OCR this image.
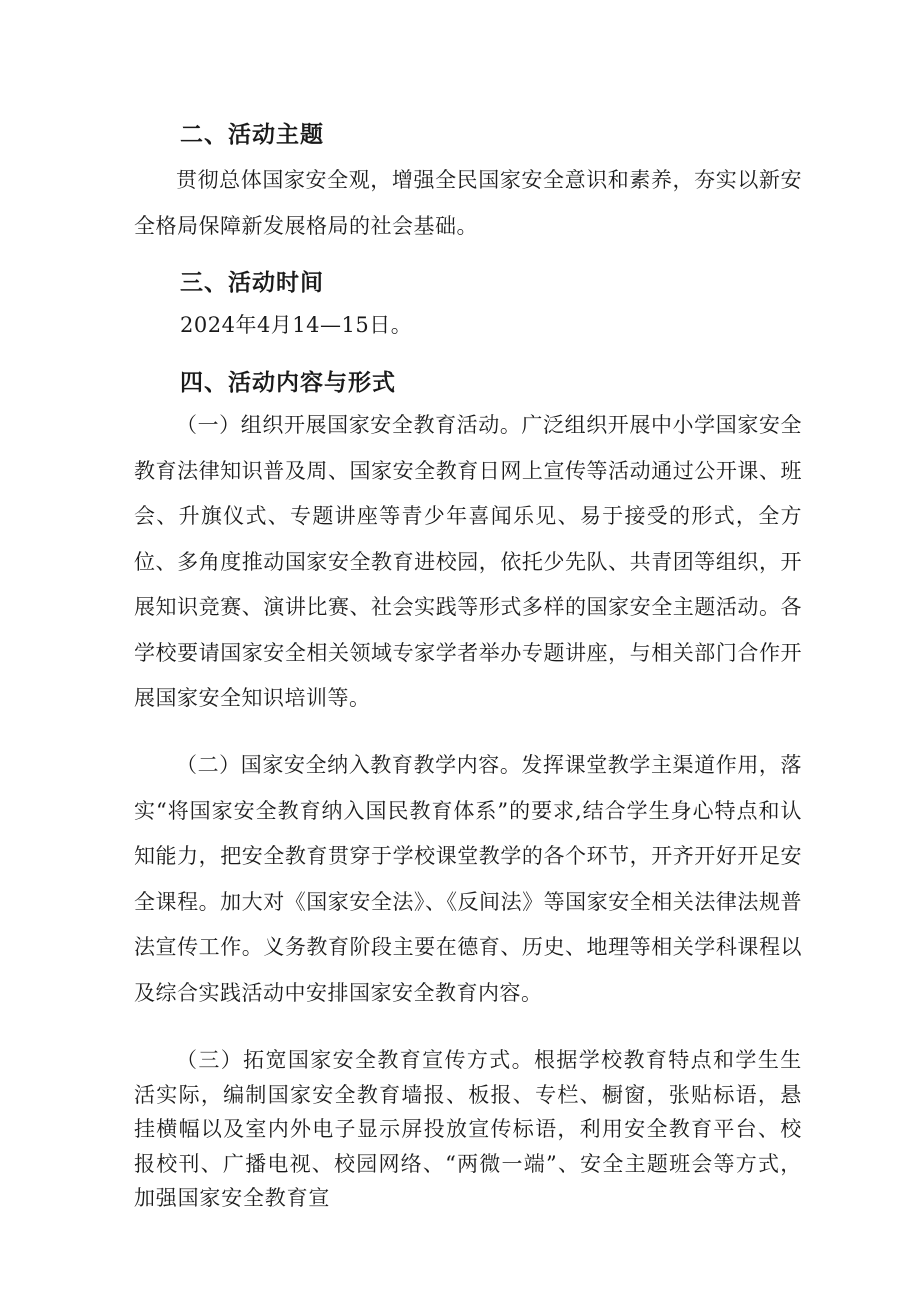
二、活动主题
贯彻总体国家安全观，增强全民国家安全意识和素养，夯实以新安全格局保障新发展格局的社会基础。
三、活动时间
2024年4月14—15日。
四、活动内容与形式
（一）组织开展国家安全教育活动。广泛组织开展中小学国家安全教育法律知识普及周、国家安全教育日网上宣传等活动通过公开课、班会、升旗仪式、专题讲座等青少年喜闻乐见、易于接受的形式，全方位、多角度推动国家安全教育进校园，依托少先队、共青团等组织，开展知识竞赛、演讲比赛、社会实践等形式多样的国家安全主题活动。各学校要请国家安全相关领域专家学者举办专题讲座，与相关部门合作开展国家安全知识培训等。
（二）国家安全纳入教育教学内容。发挥课堂教学主渠道作用，落实“将国家安全教育纳入国民教育体系”的要求,结合学生身心特点和认知能力，把安全教育贯穿于学校课堂教学的各个环节，开齐开好开足安全课程。加大对《国家安全法》、《反间法》等国家安全相关法律法规普法宣传工作。义务教育阶段主要在德育、历史、地理等相关学科课程以及综合实践活动中安排国家安全教育内容。
（三）拓宽国家安全教育宣传方式。根据学校教育特点和学生生活实际，编制国家安全教育墙报、板报、专栏、橱窗，张贴标语，悬挂横幅以及室内外电子显示屏投放宣传标语，利用安全教育平台、校报校刊、广播电视、校园网络、“两微一端”、安全主题班会等方式，加强国家安全教育宣
